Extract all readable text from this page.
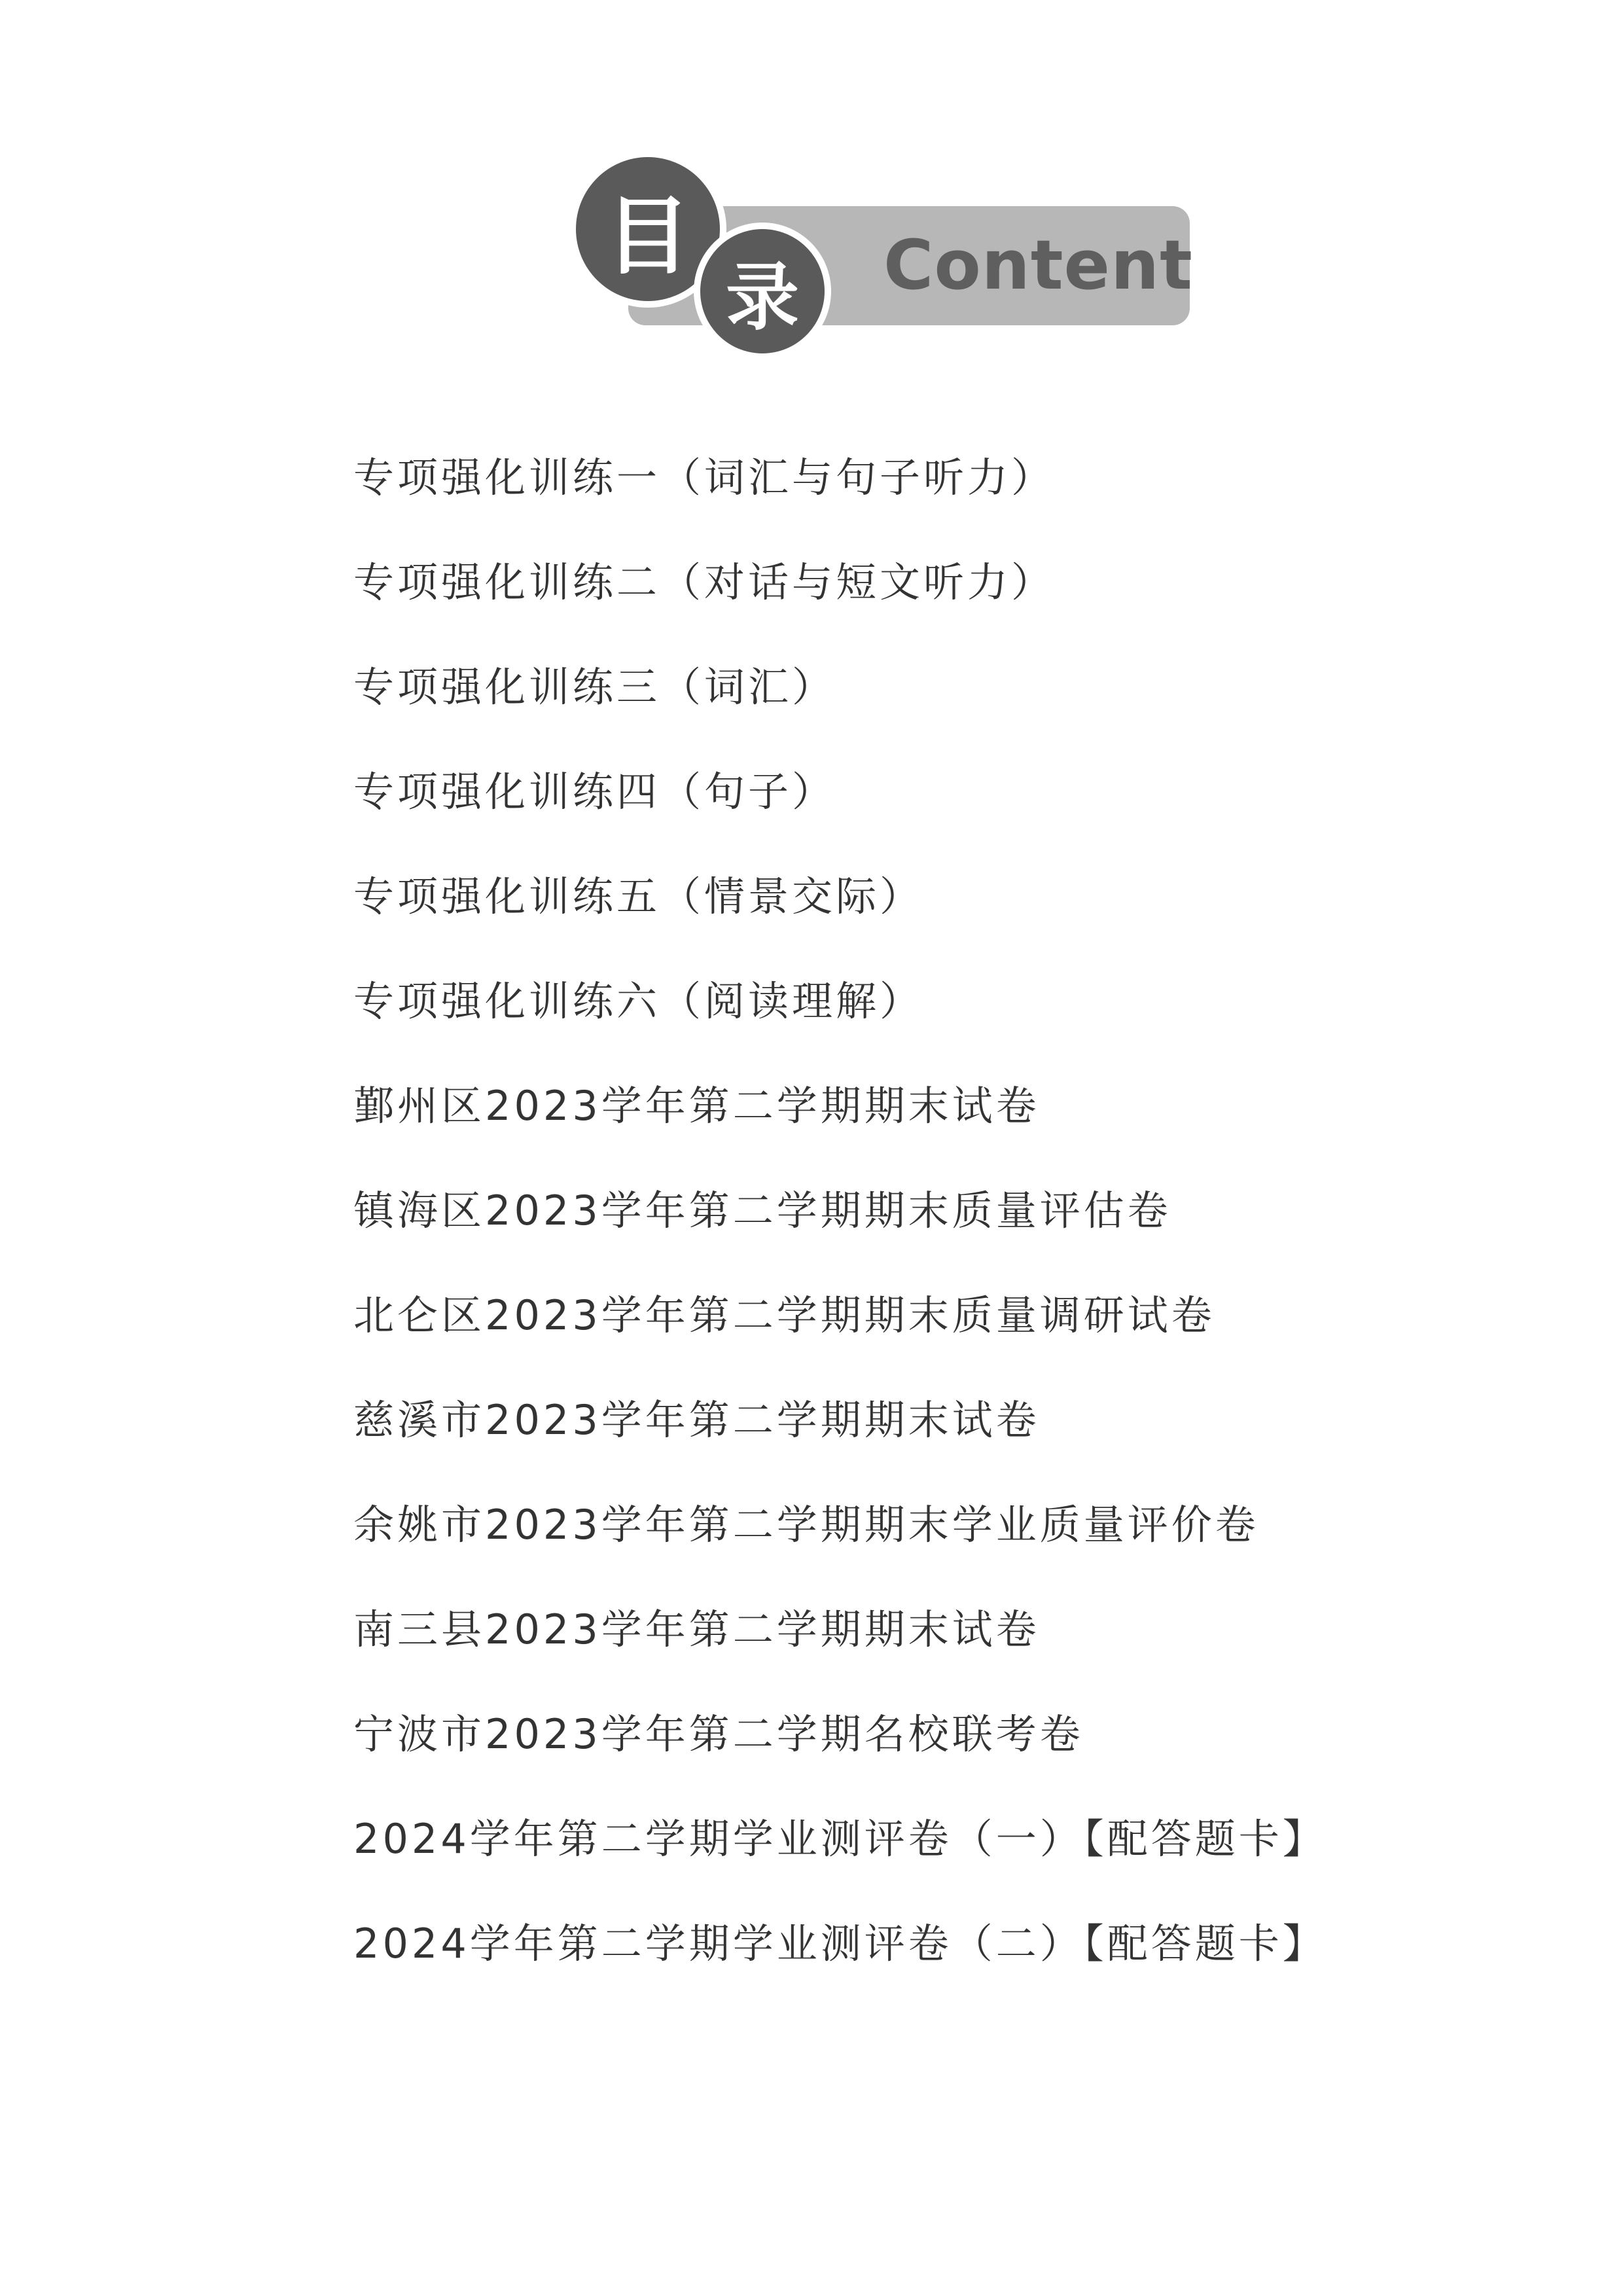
Content
目
录
专项强化训练一（词汇与句子听力）
专项强化训练二（对话与短文听力）
专项强化训练三（词汇）
专项强化训练四（句子）
专项强化训练五（情景交际）
专项强化训练六（阅读理解）
鄞州区2023学年第二学期期末试卷
镇海区2023学年第二学期期末质量评估卷
北仑区2023学年第二学期期末质量调研试卷
慈溪市2023学年第二学期期末试卷
余姚市2023学年第二学期期末学业质量评价卷
南三县2023学年第二学期期末试卷
宁波市2023学年第二学期名校联考卷
2024学年第二学期学业测评卷（一）【配答题卡】
2024学年第二学期学业测评卷（二）【配答题卡】
